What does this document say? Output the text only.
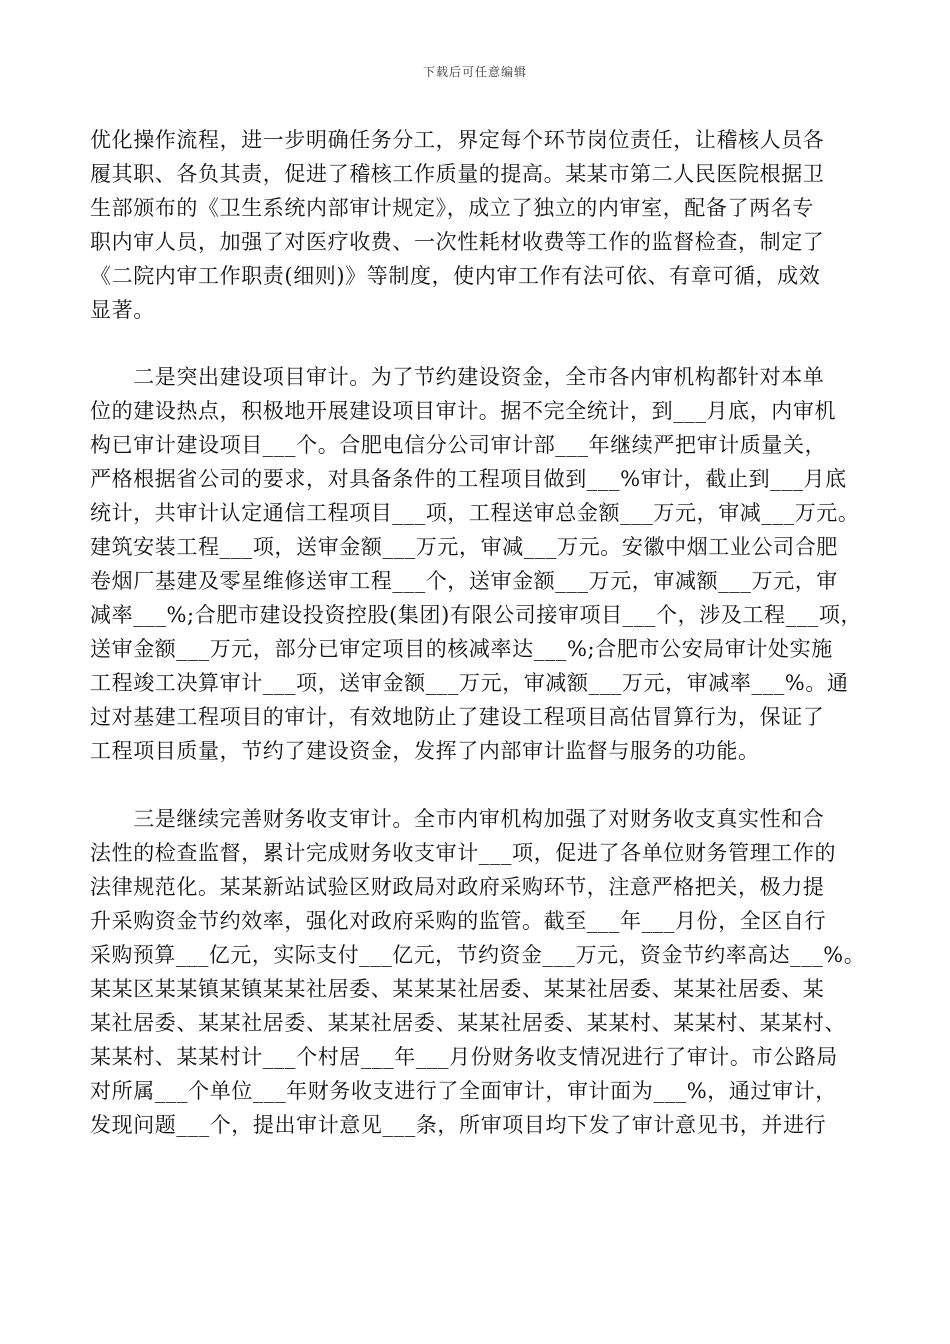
下载后可任意编辑
优化操作流程，进一步明确任务分工，界定每个环节岗位责任，让稽核人员各
履其职、各负其责，促进了稽核工作质量的提高。某某市第二人民医院根据卫
生部颁布的《卫生系统内部审计规定》，成立了独立的内审室，配备了两名专
职内审人员，加强了对医疗收费、一次性耗材收费等工作的监督检查，制定了
《二院内审工作职责(细则)》等制度，使内审工作有法可依、有章可循，成效
显著。
　　二是突出建设项目审计。为了节约建设资金，全市各内审机构都针对本单
位的建设热点，积极地开展建设项目审计。据不完全统计，到___月底，内审机
构已审计建设项目___个。合肥电信分公司审计部___年继续严把审计质量关，
严格根据省公司的要求，对具备条件的工程项目做到___%审计，截止到___月底
统计，共审计认定通信工程项目___项，工程送审总金额___万元，审减___万元。
建筑安装工程___项，送审金额___万元，审减___万元。安徽中烟工业公司合肥
卷烟厂基建及零星维修送审工程___个，送审金额___万元，审减额___万元，审
减率___%;合肥市建设投资控股(集团)有限公司接审项目___个，涉及工程___项，
送审金额___万元，部分已审定项目的核减率达___%;合肥市公安局审计处实施
工程竣工决算审计___项，送审金额___万元，审减额___万元，审减率___%。通
过对基建工程项目的审计，有效地防止了建设工程项目高估冒算行为，保证了
工程项目质量，节约了建设资金，发挥了内部审计监督与服务的功能。
　　三是继续完善财务收支审计。全市内审机构加强了对财务收支真实性和合
法性的检查监督，累计完成财务收支审计___项，促进了各单位财务管理工作的
法律规范化。某某新站试验区财政局对政府采购环节，注意严格把关，极力提
升采购资金节约效率，强化对政府采购的监管。截至___年___月份，全区自行
采购预算___亿元，实际支付___亿元，节约资金___万元，资金节约率高达___%。
某某区某某镇某镇某某社居委、某某某社居委、某某社居委、某某社居委、某
某社居委、某某社居委、某某社居委、某某社居委、某某村、某某村、某某村、
某某村、某某村计___个村居___年___月份财务收支情况进行了审计。市公路局
对所属___个单位___年财务收支进行了全面审计，审计面为___%，通过审计，
发现问题___个，提出审计意见___条，所审项目均下发了审计意见书，并进行
